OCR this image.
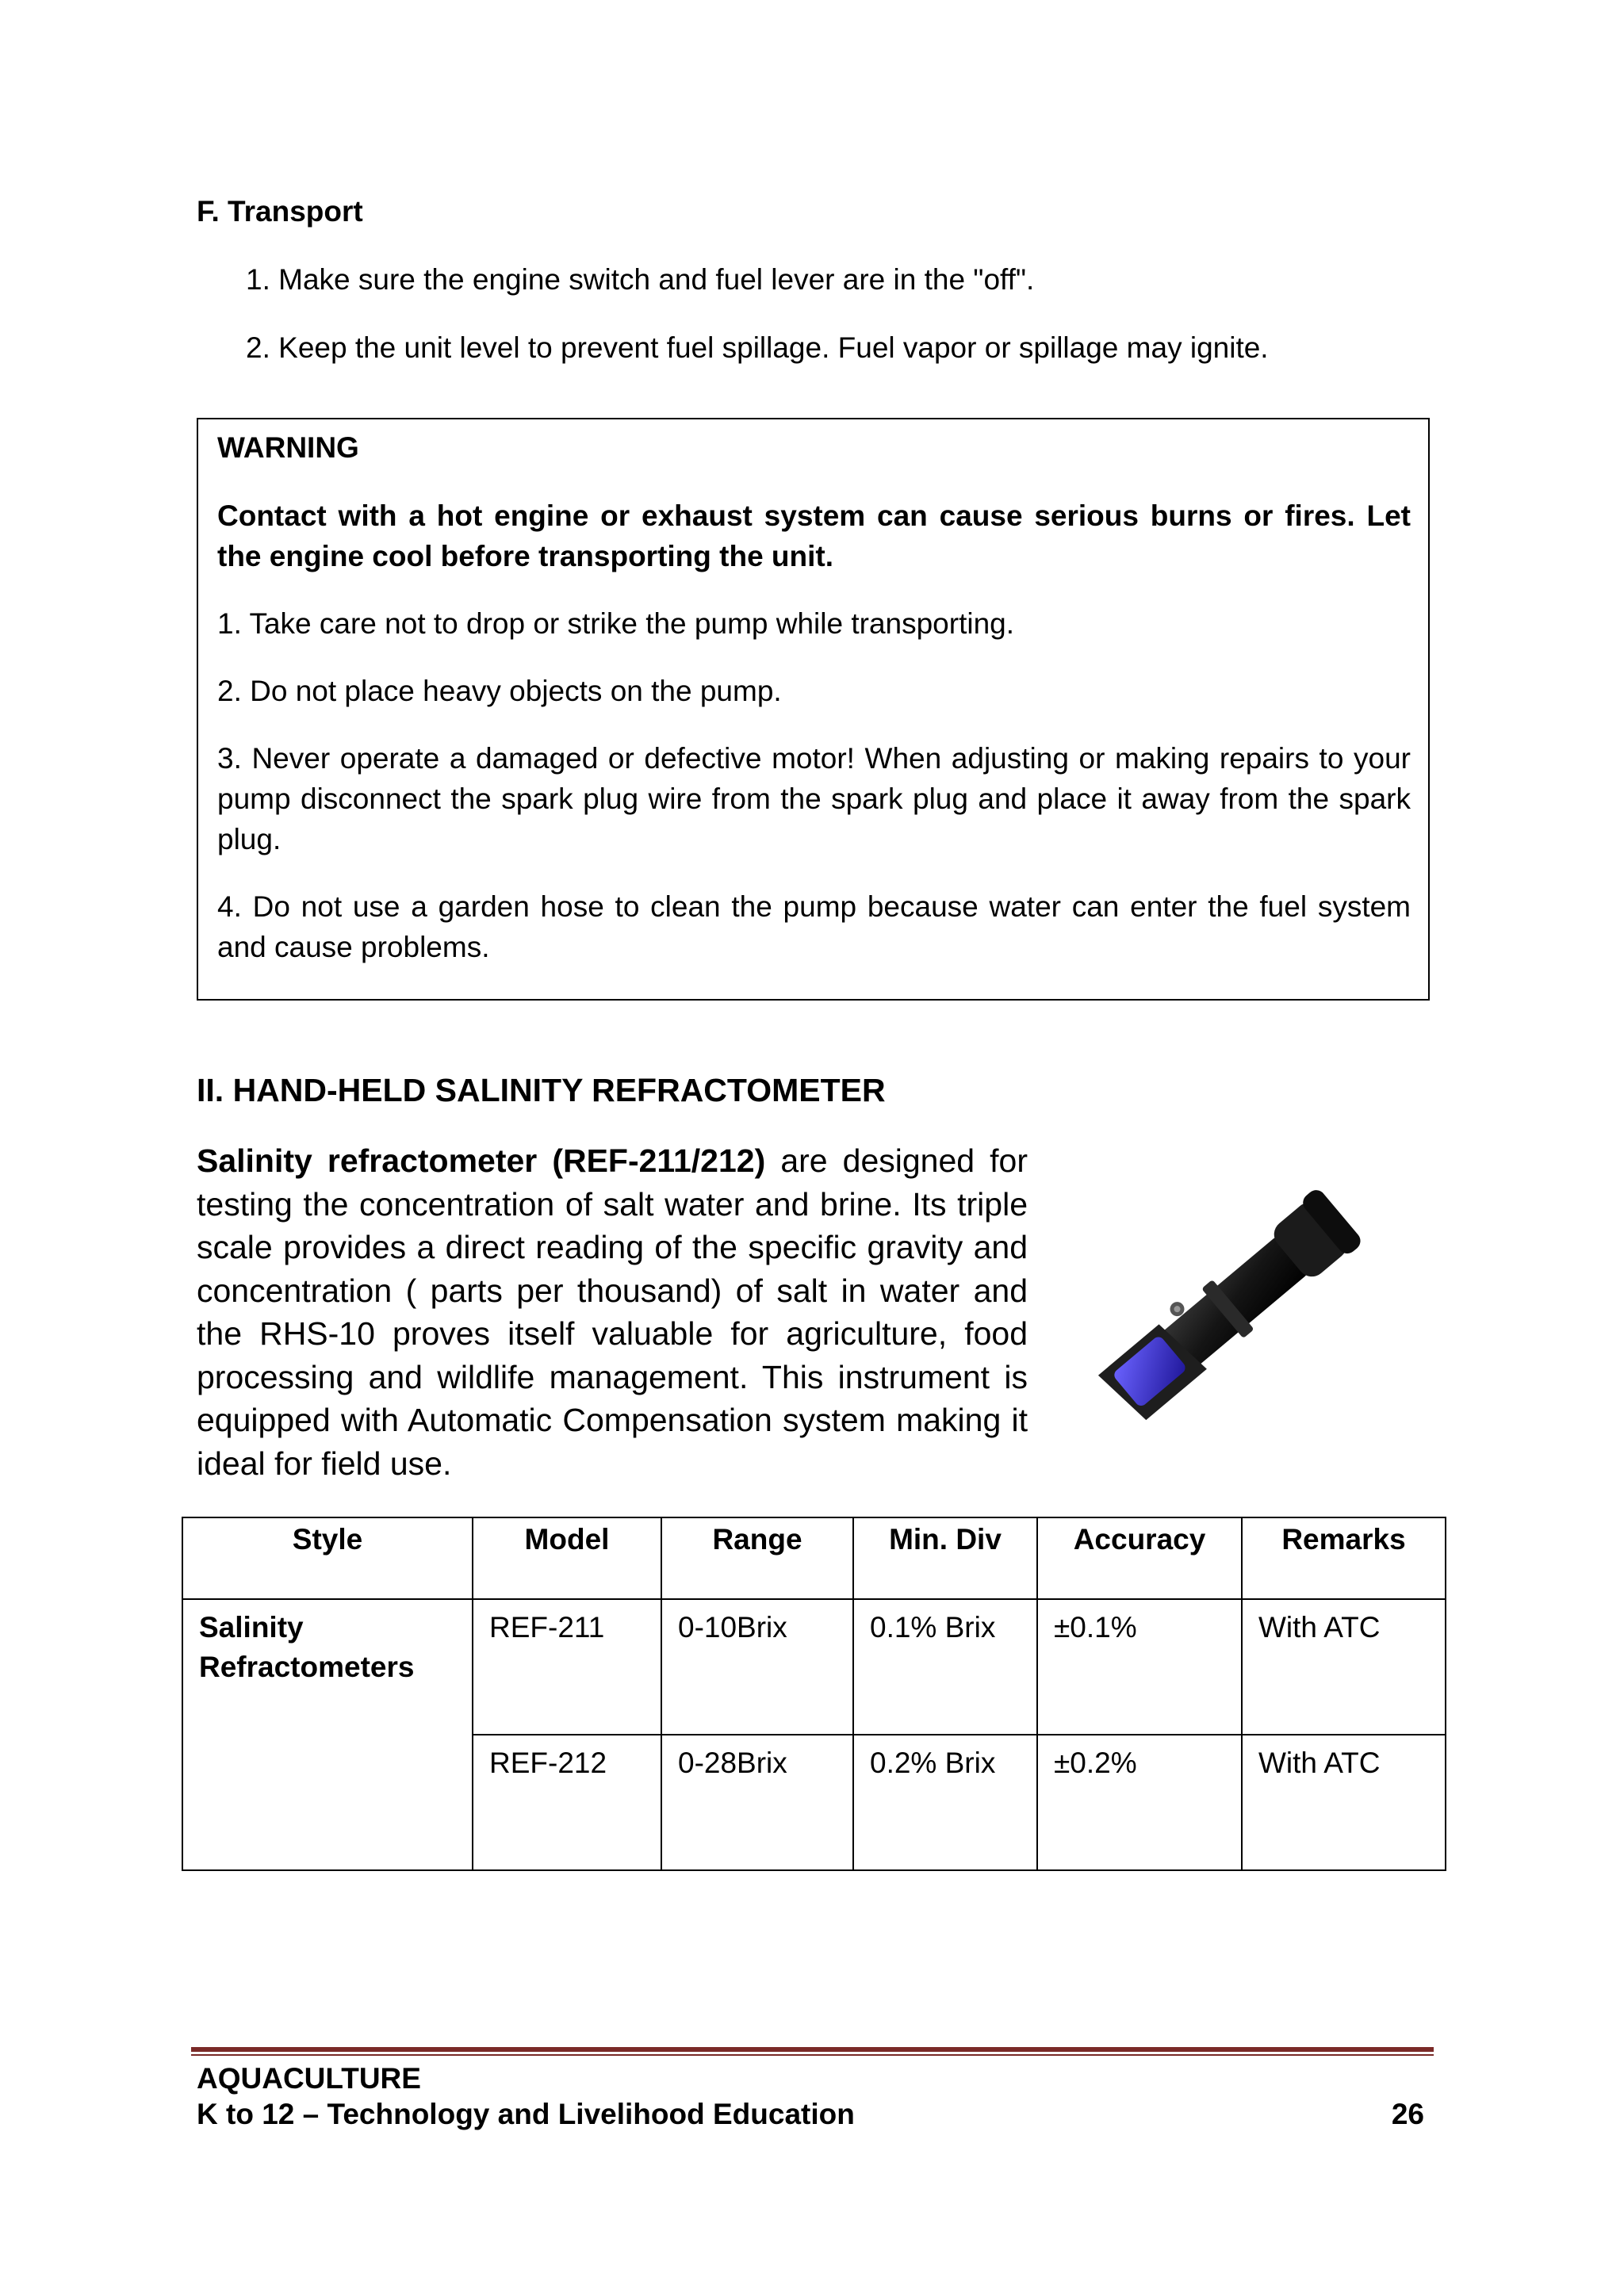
F. Transport
1. Make sure the engine switch and fuel lever are in the "off".
2. Keep the unit level to prevent fuel spillage. Fuel vapor or spillage may ignite.
WARNING
Contact with a hot engine or exhaust system can cause serious burns or fires. Let the engine cool before transporting the unit.
1. Take care not to drop or strike the pump while transporting.
2. Do not place heavy objects on the pump.
3. Never operate a damaged or defective motor! When adjusting or making repairs to your pump disconnect the spark plug wire from the spark plug and place it away from the spark plug.
4. Do not use a garden hose to clean the pump because water can enter the fuel system and cause problems.
II. HAND-HELD SALINITY REFRACTOMETER
Salinity refractometer (REF-211/212) are designed for testing the concentration of salt water and brine. Its triple scale provides a direct reading of the specific gravity and concentration ( parts per thousand) of salt in water and the RHS-10 proves itself valuable for agriculture, food processing and wildlife management. This instrument is equipped with Automatic Compensation system making it ideal for field use.
Style	Model	Range	Min. Div	Accuracy	Remarks
Salinity Refractometers	REF-211	0-10Brix	0.1% Brix	±0.1%	With ATC
	REF-212	0-28Brix	0.2% Brix	±0.2%	With ATC
AQUACULTURE
K to 12 – Technology and Livelihood Education	26
